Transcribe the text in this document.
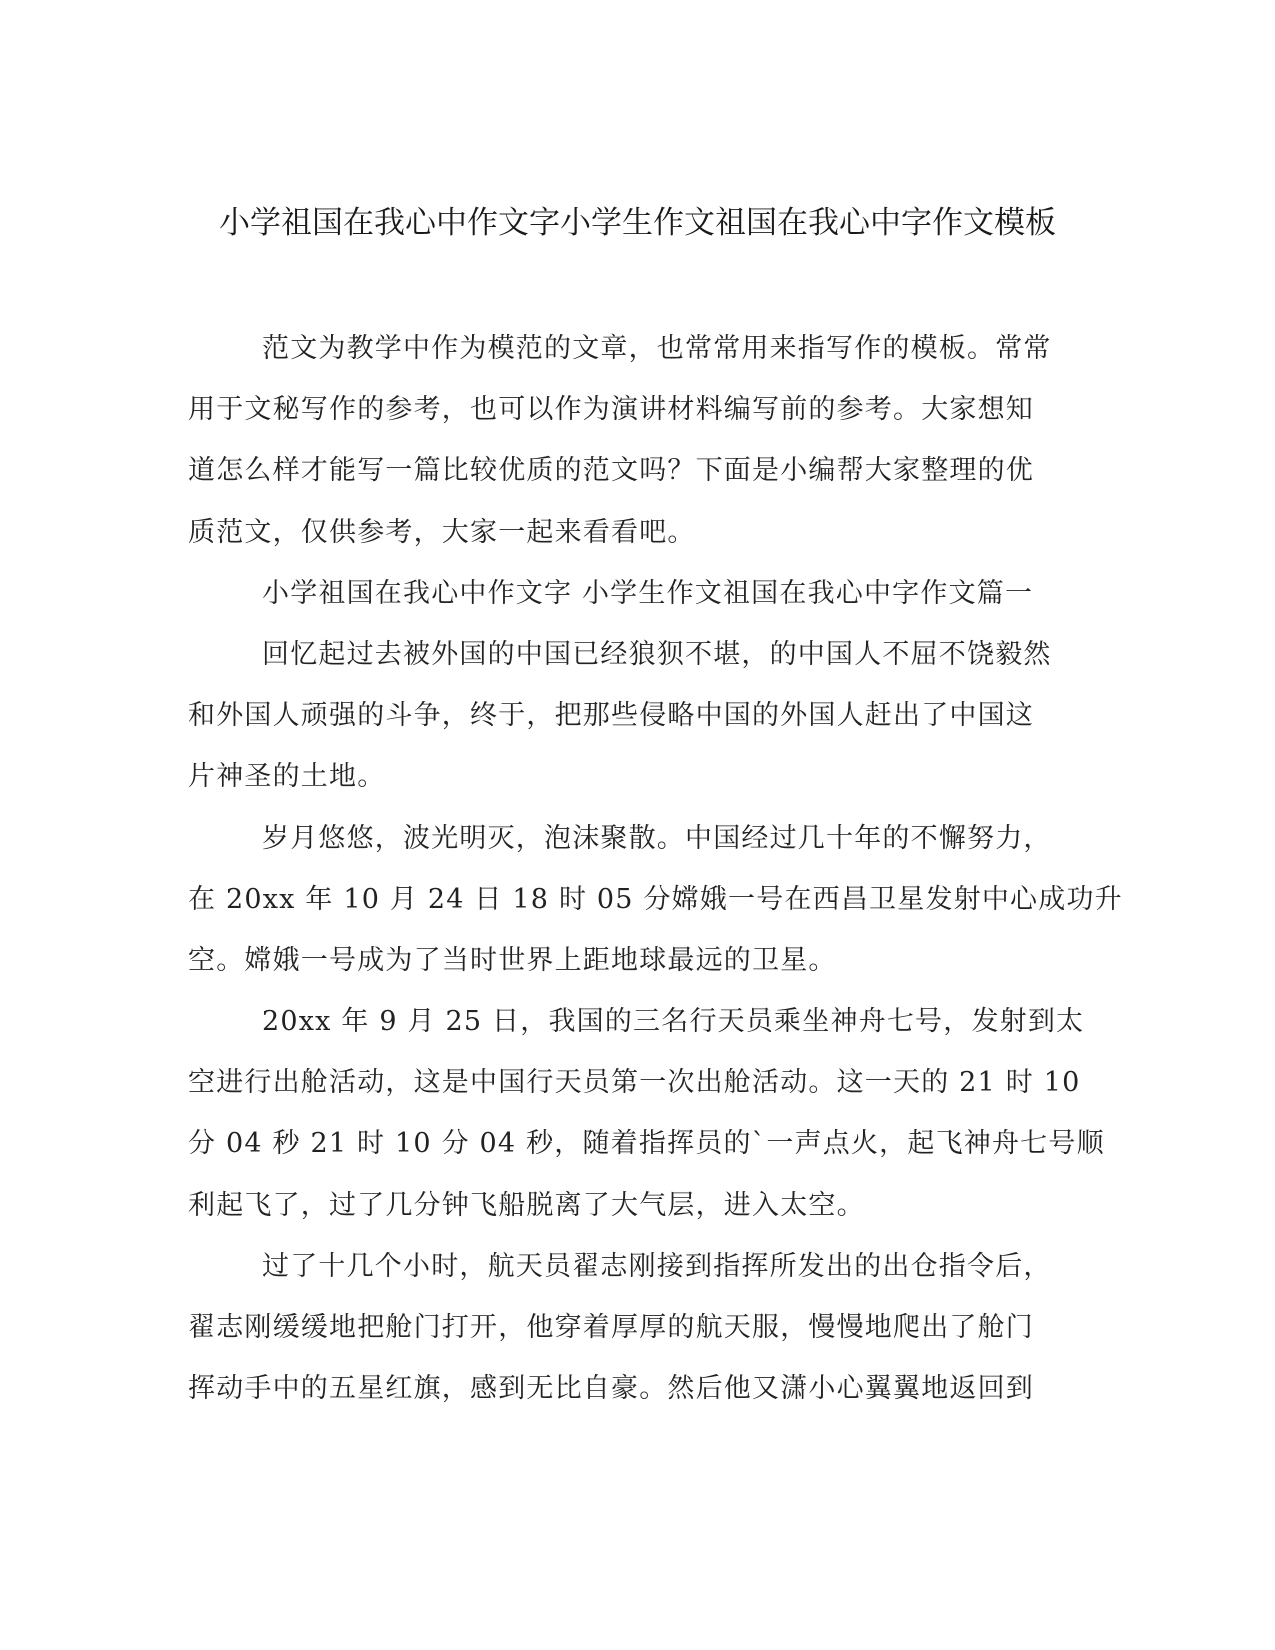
小学祖国在我心中作文字小学生作文祖国在我心中字作文模板
范文为教学中作为模范的文章，也常常用来指写作的模板。常常
用于文秘写作的参考，也可以作为演讲材料编写前的参考。大家想知
道怎么样才能写一篇比较优质的范文吗？下面是小编帮大家整理的优
质范文，仅供参考，大家一起来看看吧。
小学祖国在我心中作文字 小学生作文祖国在我心中字作文篇一
回忆起过去被外国的中国已经狼狈不堪，的中国人不屈不饶毅然
和外国人顽强的斗争，终于，把那些侵略中国的外国人赶出了中国这
片神圣的土地。
岁月悠悠，波光明灭，泡沫聚散。中国经过几十年的不懈努力，
在 20xx 年 10 月 24 日 18 时 05 分嫦娥一号在西昌卫星发射中心成功升
空。嫦娥一号成为了当时世界上距地球最远的卫星。
20xx 年 9 月 25 日，我国的三名行天员乘坐神舟七号，发射到太
空进行出舱活动，这是中国行天员第一次出舱活动。这一天的 21 时 10
分 04 秒 21 时 10 分 04 秒，随着指挥员的`一声点火，起飞神舟七号顺
利起飞了，过了几分钟飞船脱离了大气层，进入太空。
过了十几个小时，航天员翟志刚接到指挥所发出的出仓指令后，
翟志刚缓缓地把舱门打开，他穿着厚厚的航天服，慢慢地爬出了舱门
挥动手中的五星红旗，感到无比自豪。然后他又潇小心翼翼地返回到
